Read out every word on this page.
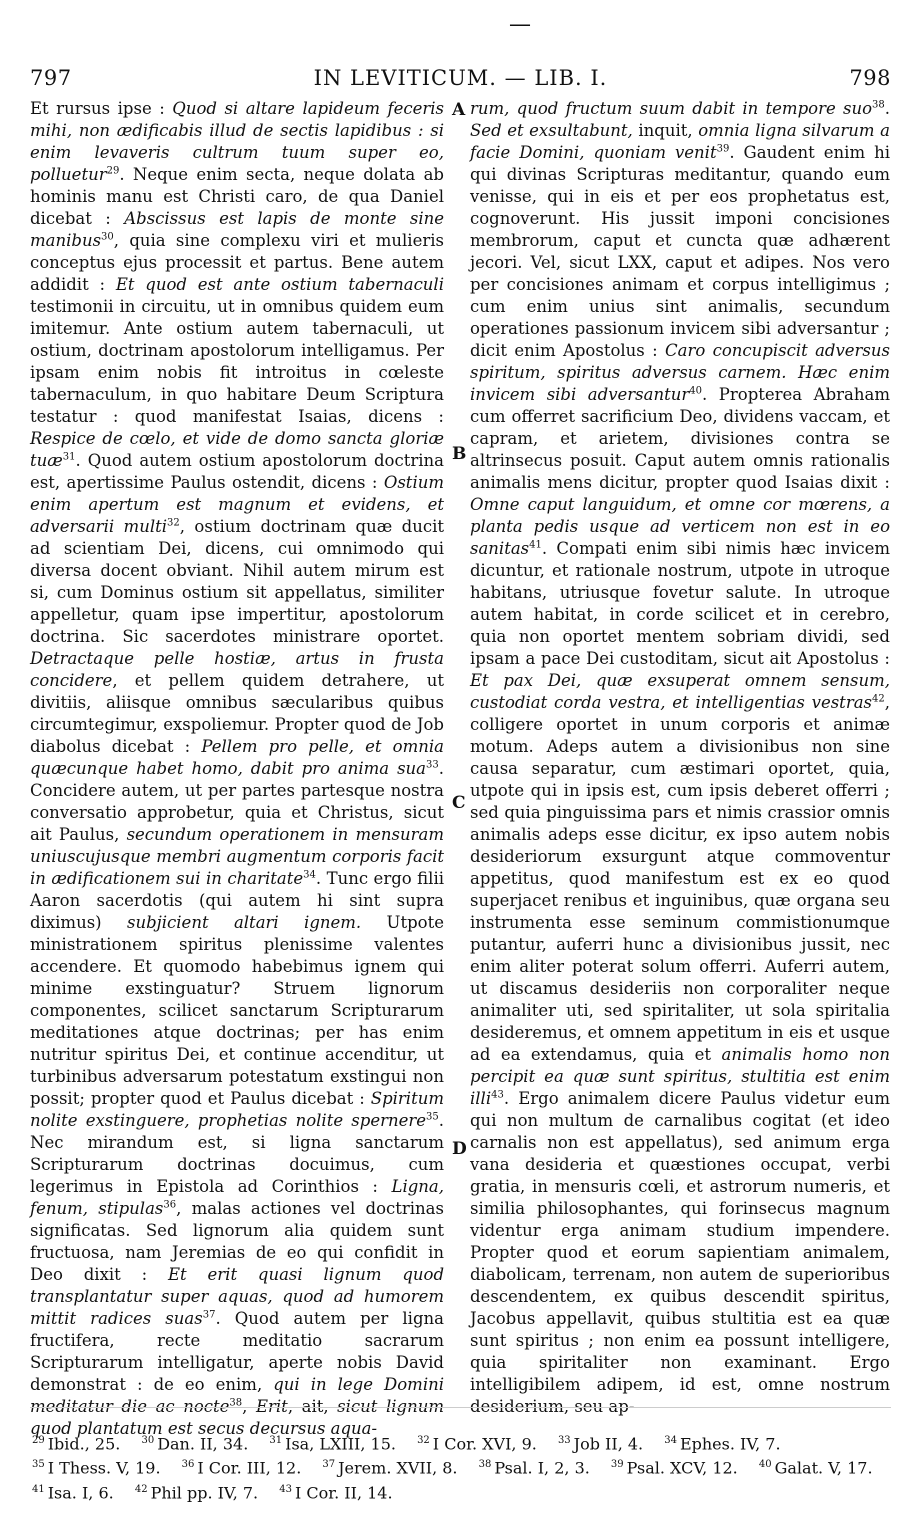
—
797	IN LEVITICUM. — LIB. I.	798

Et rursus ipse : Quod si altare lapideum feceris mihi, non ædificabis illud de sectis lapidibus : si enim levaveris cultrum tuum super eo, polluetur$^{29}$. Neque enim secta, neque dolata ab hominis manu est Christi caro, de qua Daniel dicebat : Abscissus est lapis de monte sine manibus$^{30}$, quia sine complexu viri et mulieris conceptus ejus processit et partus. Bene autem addidit : Et quod est ante ostium tabernaculi testimonii in circuitu, ut in omnibus quidem eum imitemur. Ante ostium autem tabernaculi, ut ostium, doctrinam apostolorum intelligamus. Per ipsam enim nobis fit introitus in cœleste tabernaculum, in quo habitare Deum Scriptura testatur : quod manifestat Isaias, dicens : Respice de cœlo, et vide de domo sancta gloriæ tuæ$^{31}$. Quod autem ostium apostolorum doctrina est, apertissime Paulus ostendit, dicens : Ostium enim apertum est magnum et evidens, et adversarii multi$^{32}$, ostium doctrinam quæ ducit ad scientiam Dei, dicens, cui omnimodo qui diversa docent obviant. Nihil autem mirum est si, cum Dominus ostium sit appellatus, similiter appelletur, quam ipse impertitur, apostolorum doctrina. Sic sacerdotes ministrare oportet. Detractaque pelle hostiæ, artus in frusta concidere, et pellem quidem detrahere, ut divitiis, aliisque omnibus sæcularibus quibus circumtegimur, exspoliemur. Propter quod de Job diabolus dicebat : Pellem pro pelle, et omnia quæcunque habet homo, dabit pro anima sua$^{33}$. Concidere autem, ut per partes partesque nostra conversatio approbetur, quia et Christus, sicut ait Paulus, secundum operationem in mensuram uniuscujusque membri augmentum corporis facit in ædificationem sui in charitate$^{34}$. Tunc ergo filii Aaron sacerdotis (qui autem hi sint supra diximus) subjicient altari ignem. Utpote ministrationem spiritus plenissime valentes accendere. Et quomodo habebimus ignem qui minime exstinguatur? Struem lignorum componentes, scilicet sanctarum Scripturarum meditationes atque doctrinas; per has enim nutritur spiritus Dei, et continue accenditur, ut turbinibus adversarum potestatum exstingui non possit; propter quod et Paulus dicebat : Spiritum nolite exstinguere, prophetias nolite spernere$^{35}$. Nec mirandum est, si ligna sanctarum Scripturarum doctrinas docuimus, cum legerimus in Epistola ad Corinthios : Ligna, fenum, stipulas$^{36}$, malas actiones vel doctrinas significatas. Sed lignorum alia quidem sunt fructuosa, nam Jeremias de eo qui confidit in Deo dixit : Et erit quasi lignum quod transplantatur super aquas, quod ad humorem mittit radices suas$^{37}$. Quod autem per ligna fructifera, recte meditatio sacrarum Scripturarum intelligatur, aperte nobis David demonstrat : de eo enim, qui in lege Domini meditatur die ac nocte$^{38}$, Erit, ait, sicut lignum quod plantatum est secus decursus aqua-

rum, quod fructum suum dabit in tempore suo$^{38}$. Sed et exsultabunt, inquit, omnia ligna silvarum a facie Domini, quoniam venit$^{39}$. Gaudent enim hi qui divinas Scripturas meditantur, quando eum venisse, qui in eis et per eos prophetatus est, cognoverunt. His jussit imponi concisiones membrorum, caput et cuncta quæ adhærent jecori. Vel, sicut LXX, caput et adipes. Nos vero per concisiones animam et corpus intelligimus ; cum enim unius sint animalis, secundum operationes passionum invicem sibi adversantur ; dicit enim Apostolus : Caro concupiscit adversus spiritum, spiritus adversus carnem. Hæc enim invicem sibi adversantur$^{40}$. Propterea Abraham cum offerret sacrificium Deo, dividens vaccam, et capram, et arietem, divisiones contra se altrinsecus posuit. Caput autem omnis rationalis animalis mens dicitur, propter quod Isaias dixit : Omne caput languidum, et omne cor mœrens, a planta pedis usque ad verticem non est in eo sanitas$^{41}$. Compati enim sibi nimis hæc invicem dicuntur, et rationale nostrum, utpote in utroque habitans, utriusque fovetur salute. In utroque autem habitat, in corde scilicet et in cerebro, quia non oportet mentem sobriam dividi, sed ipsam a pace Dei custoditam, sicut ait Apostolus : Et pax Dei, quæ exsuperat omnem sensum, custodiat corda vestra, et intelligentias vestras$^{42}$, colligere oportet in unum corporis et animæ motum. Adeps autem a divisionibus non sine causa separatur, cum æstimari oportet, quia, utpote qui in ipsis est, cum ipsis deberet offerri ; sed quia pinguissima pars et nimis crassior omnis animalis adeps esse dicitur, ex ipso autem nobis desideriorum exsurgunt atque commoventur appetitus, quod manifestum est ex eo quod superjacet renibus et inguinibus, quæ organa seu instrumenta esse seminum commistionumque putantur, auferri hunc a divisionibus jussit, nec enim aliter poterat solum offerri. Auferri autem, ut discamus desideriis non corporaliter neque animaliter uti, sed spiritaliter, ut sola spiritalia desideremus, et omnem appetitum in eis et usque ad ea extendamus, quia et animalis homo non percipit ea quæ sunt spiritus, stultitia est enim illi$^{43}$. Ergo animalem dicere Paulus videtur eum qui non multum de carnalibus cogitat (et ideo carnalis non est appellatus), sed animum erga vana desideria et quæstiones occupat, verbi gratia, in mensuris cœli, et astrorum numeris, et similia philosophantes, qui forinsecus magnum videntur erga animam studium impendere. Propter quod et eorum sapientiam animalem, diabolicam, terrenam, non autem de superioribus descendentem, ex quibus descendit spiritus, Jacobus appellavit, quibus stultitia est ea quæ sunt spiritus ; non enim ea possunt intelligere, quia spiritaliter non examinant. Ergo intelligibilem adipem, id est, omne nostrum desiderium, seu ap-

A
B
C
D
$^{29}$ Ibid., 25. $^{30}$ Dan. II, 34. $^{31}$ Isa, LXIII, 15. $^{32}$ I Cor. XVI, 9. $^{33}$ Job II, 4. $^{34}$ Ephes. IV, 7. $^{35}$ I Thess. V, 19. $^{36}$ I Cor. III, 12. $^{37}$ Jerem. XVII, 8. $^{38}$ Psal. I, 2, 3. $^{39}$ Psal. XCV, 12. $^{40}$ Galat. V, 17. $^{41}$ Isa. I, 6. $^{42}$ Phil pp. IV, 7. $^{43}$ I Cor. II, 14.
